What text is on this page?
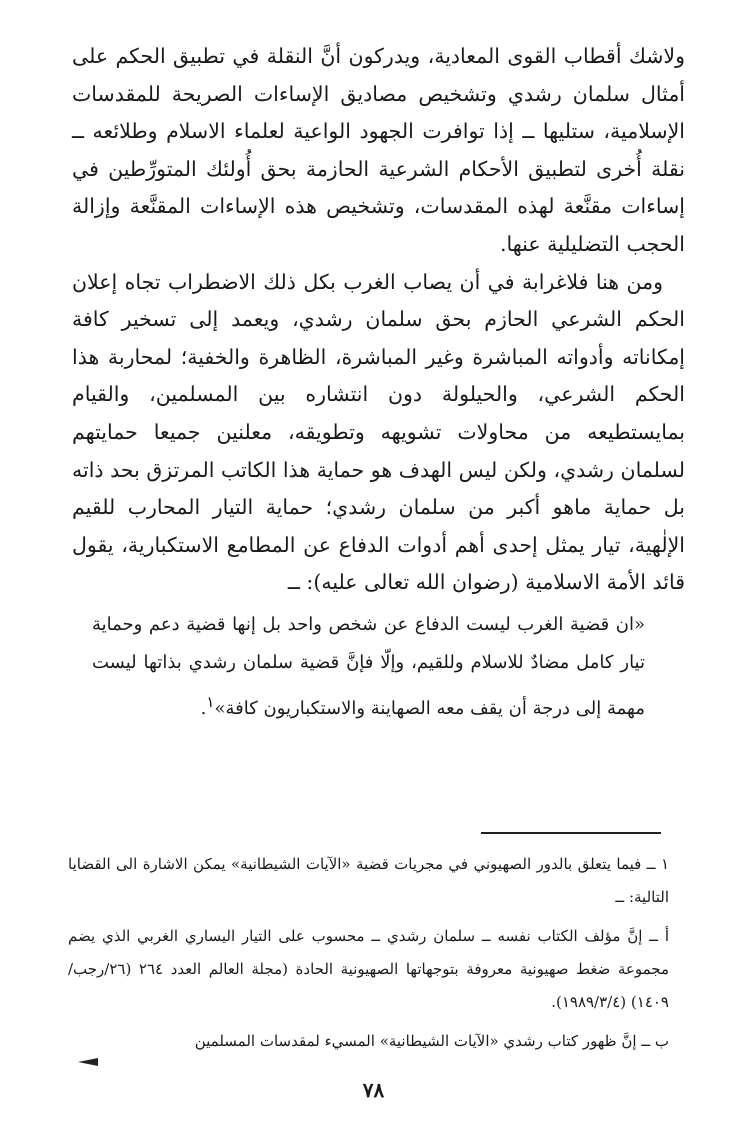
ولاشك أقطاب القوى المعادية، ويدركون أنَّ النقلة في تطبيق الحكم على أمثال سلمان رشدي وتشخيص مصاديق الإساءات الصريحة للمقدسات الإسلامية، ستليها ــ إذا توافرت الجهود الواعية لعلماء الاسلام وطلائعه ــ نقلة أُخرى لتطبيق الأحكام الشرعية الحازمة بحق أُولئك المتورِّطين في إساءات مقنَّعة لهذه المقدسات، وتشخيص هذه الإساءات المقنَّعة وإزالة الحجب التضليلية عنها.

ومن هنا فلاغرابة في أن يصاب الغرب بكل ذلك الاضطراب تجاه إعلان الحكم الشرعي الحازم بحق سلمان رشدي، ويعمد إلى تسخير كافة إمكاناته وأدواته المباشرة وغير المباشرة، الظاهرة والخفية؛ لمحاربة هذا الحكم الشرعي، والحيلولة دون انتشاره بين المسلمين، والقيام بمايستطيعه من محاولات تشويهه وتطويقه، معلنين جميعا حمايتهم لسلمان رشدي، ولكن ليس الهدف هو حماية هذا الكاتب المرتزق بحد ذاته بل حماية ماهو أكبر من سلمان رشدي؛ حماية التيار المحارب للقيم الإلٰهية، تيار يمثل إحدى أهم أدوات الدفاع عن المطامع الاستكبارية، يقول قائد الأمة الاسلامية (رضوان الله تعالى عليه): ــ

«ان قضية الغرب ليست الدفاع عن شخص واحد بل إنها قضية دعم وحماية تيار كامل مضادٌ للاسلام وللقيم، وإلّا فإنَّ قضية سلمان رشدي بذاتها ليست مهمة إلى درجة أن يقف معه الصهاينة والاستكباريون كافة»$^١$.

١ ــ فيما يتعلق بالدور الصهيوني في مجريات قضية «الآيات الشيطانية» يمكن الاشارة الى القضايا التالية: ــ

أ ــ إنَّ مؤلف الكتاب نفسه ــ سلمان رشدي ــ محسوب على التيار اليساري الغربي الذي يضم مجموعة ضغط صهيونية معروفة بتوجهاتها الصهيونية الحادة (مجلة العالم العدد ٢٦٤ (٢٦/رجب/١٤٠٩) (١٩٨٩/٣/٤).

ب ــ إنَّ ظهور كتاب رشدي «الآيات الشيطانية» المسيء لمقدسات المسلمين

٧٨
